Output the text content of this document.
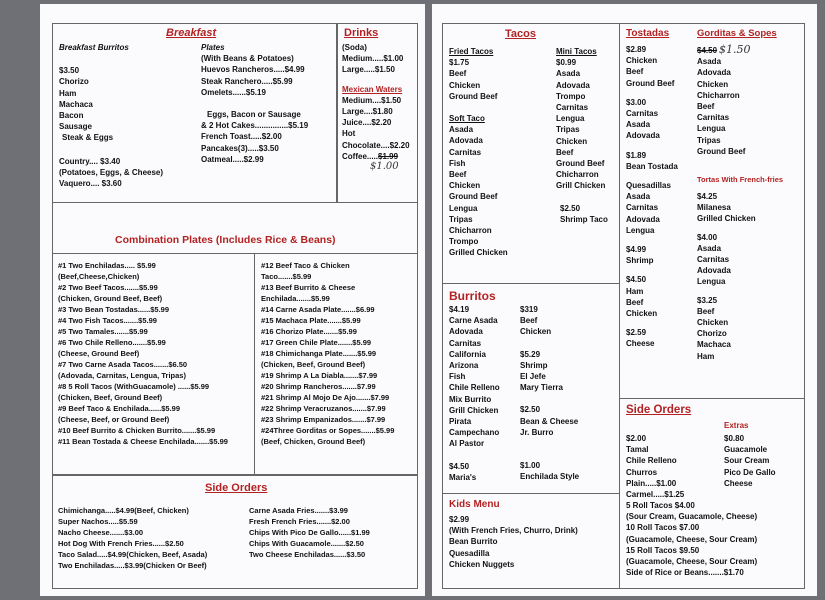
Breakfast
Breakfast Burritos
$3.50
Chorizo
Ham
Machaca
Bacon
Sausage
Steak & Eggs
Country.... $3.40
(Potatoes, Eggs, & Cheese)
Vaquero.... $3.60
Plates
(With Beans & Potatoes)
Huevos Rancheros.....$4.99
Steak Ranchero.....$5.99
Omelets......$5.19
Eggs, Bacon or Sausage
& 2 Hot Cakes...............$5.19
French Toast.....$2.00
Pancakes(3).....$3.50
Oatmeal.....$2.99
Drinks
(Soda)
Medium.....$1.00
Large.....$1.50
Mexican Waters
Medium....$1.50
Large....$1.80
Juice....$2.20
Hot
Chocolate....$2.20
Coffee.....$1.99
$1.00
Combination Plates (Includes Rice & Beans)
#1 Two Enchiladas..... $5.99
(Beef,Cheese,Chicken)
#2 Two Beef Tacos.......$5.99
(Chicken, Ground Beef, Beef)
#3 Two Bean Tostadas......$5.99
#4 Two Fish Tacos.......$5.99
#5 Two Tamales.......$5.99
#6 Two Chile Relleno.......$5.99
(Cheese, Ground Beef)
#7 Two Carne Asada Tacos.......$6.50
(Adovada, Carnitas, Lengua, Tripas)
#8 5 Roll Tacos (WithGuacamole) ......$5.99
(Chicken, Beef, Ground Beef)
#9 Beef Taco & Enchilada......$5.99
(Cheese, Beef, or Ground Beef)
#10 Beef Burrito & Chicken Burrito.......$5.99
#11 Bean Tostada & Cheese Enchilada.......$5.99
#12 Beef Taco & Chicken
Taco.......$5.99
#13 Beef Burrito & Cheese
Enchilada.......$5.99
#14 Carne Asada Plate.......$6.99
#15 Machaca Plate.......$5.99
#16 Chorizo Plate.......$5.99
#17 Green Chile Plate.......$5.99
#18 Chimichanga Plate.......$5.99
(Chicken, Beef, Ground Beef)
#19 Shrimp A La Diabla.......$7.99
#20 Shrimp Rancheros.......$7.99
#21 Shrimp Al Mojo De Ajo.......$7.99
#22 Shrimp Veracruzanos.......$7.99
#23 Shrimp Empanizados.......$7.99
#24Three Gorditas or Sopes.......$5.99
(Beef, Chicken, Ground Beef)
Side Orders
Chimichanga.....$4.99(Beef, Chicken)
Super Nachos.....$5.59
Nacho Cheese.......$3.00
Hot Dog With French Fries......$2.50
Taco Salad.....$4.99(Chicken, Beef, Asada)
Two Enchiladas.....$3.99(Chicken Or Beef)
Carne Asada Fries.......$3.99
Fresh French Fries.......$2.00
Chips With Pico De Gallo......$1.99
Chips With Guacamole.......$2.50
Two Cheese Enchiladas......$3.50
Tacos
Fried Tacos
$1.75
Beef
Chicken
Ground Beef
Soft Taco
Asada
Adovada
Carnitas
Fish
Beef
Chicken
Ground Beef
Lengua
Tripas
Chicharron
Trompo
Grilled Chicken
Mini Tacos
$0.99
Asada
Adovada
Trompo
Carnitas
Lengua
Tripas
Chicken
Beef
Ground Beef
Chicharron
Grill Chicken
$2.50
Shrimp Taco
Burritos
$4.19
Carne Asada
Adovada
Carnitas
California
Arizona
Fish
Chile Relleno
Mix Burrito
Grill Chicken
Pirata
Campechano
Al Pastor
$4.50
Maria's
$319
Beef
Chicken
$5.29
Shrimp
El Jefe
Mary Tierra
$2.50
Bean & Cheese
Jr. Burro
$1.00
Enchilada Style
Kids Menu
$2.99
(With French Fries, Churro, Drink)
Bean Burrito
Quesadilla
Chicken Nuggets
Tostadas
$2.89
Chicken
Beef
Ground Beef
$3.00
Carnitas
Asada
Adovada
$1.89
Bean Tostada
Quesadillas
Asada
Carnitas
Adovada
Lengua
$4.99
Shrimp
$4.50
Ham
Beef
Chicken
$2.59
Cheese
Gorditas & Sopes
$4.50 $1.50
Asada
Adovada
Chicken
Chicharron
Beef
Carnitas
Lengua
Tripas
Ground Beef
Tortas With French-fries
$4.25
Milanesa
Grilled Chicken
$4.00
Asada
Carnitas
Adovada
Lengua
$3.25
Beef
Chicken
Chorizo
Machaca
Ham
Side Orders
$2.00
Tamal
Chile Relleno
Churros
Plain.....$1.00
Carmel.....$1.25
Extras
$0.80
Guacamole
Sour Cream
Pico De Gallo
Cheese
5 Roll Tacos $4.00
(Sour Cream, Guacamole, Cheese)
10 Roll Tacos $7.00
(Guacamole, Cheese, Sour Cream)
15 Roll Tacos $9.50
(Guacamole, Cheese, Sour Cream)
Side of Rice or Beans.......$1.70
